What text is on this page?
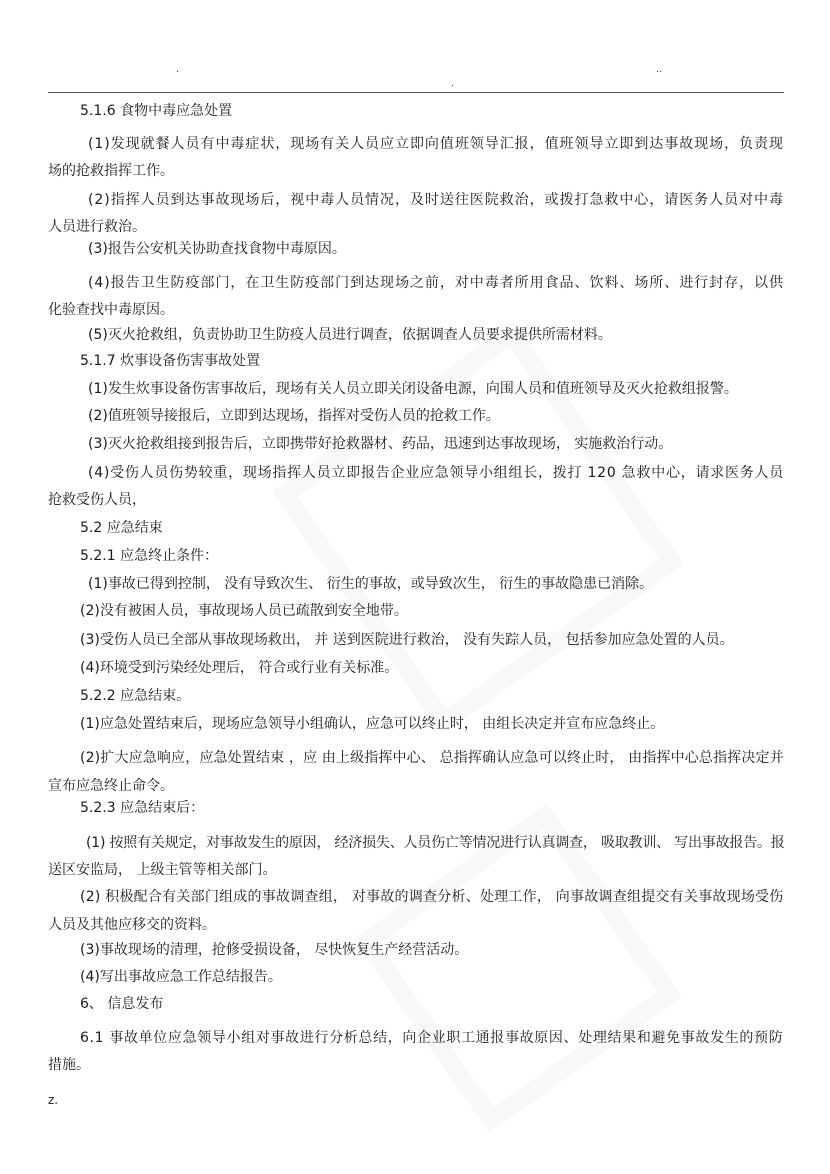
.
.
..
5.1.6 食物中毒应急处置
(1)发现就餐人员有中毒症状，现场有关人员应立即向值班领导汇报，值班领导立即到达事故现场，负责现
场的抢救指挥工作。
(2)指挥人员到达事故现场后，视中毒人员情况，及时送往医院救治，或拨打急救中心，请医务人员对中毒
人员进行救治。
(3)报告公安机关协助查找食物中毒原因。
(4)报告卫生防疫部门，在卫生防疫部门到达现场之前，对中毒者所用食品、饮料、场所、进行封存，以供
化验查找中毒原因。
(5)灭火抢救组，负责协助卫生防疫人员进行调查，依据调查人员要求提供所需材料。
5.1.7 炊事设备伤害事故处置
(1)发生炊事设备伤害事故后，现场有关人员立即关闭设备电源，向围人员和值班领导及灭火抢救组报警。
(2)值班领导接报后，立即到达现场，指挥对受伤人员的抢救工作。
(3)灭火抢救组接到报告后，立即携带好抢救器材、药品，迅速到达事故现场， 实施救治行动。
(4)受伤人员伤势较重，现场指挥人员立即报告企业应急领导小组组长，拨打 120 急救中心，请求医务人员
抢救受伤人员，
5.2 应急结束
5.2.1 应急终止条件：
(1)事故已得到控制， 没有导致次生、 衍生的事故，或导致次生， 衍生的事故隐患已消除。
(2)没有被困人员，事故现场人员已疏散到安全地带。
(3)受伤人员已全部从事故现场救出， 并 送到医院进行救治， 没有失踪人员， 包括参加应急处置的人员。
(4)环境受到污染经处理后， 符合或行业有关标准。
5.2.2 应急结束。
(1)应急处置结束后，现场应急领导小组确认，应急可以终止时， 由组长决定并宣布应急终止。
(2)扩大应急响应，应急处置结束 ，应 由上级指挥中心、 总指挥确认应急可以终止时， 由指挥中心总指挥决定并
宣布应急终止命令。
5.2.3 应急结束后：
(1) 按照有关规定，对事故发生的原因， 经济损失、人员伤亡等情况进行认真调查， 吸取教训、 写出事故报告。报
送区安监局， 上级主管等相关部门。
(2) 积极配合有关部门组成的事故调查组， 对事故的调查分析、处理工作， 向事故调查组提交有关事故现场受伤
人员及其他应移交的资料。
(3)事故现场的清理，抢修受损设备， 尽快恢复生产经营活动。
(4)写出事故应急工作总结报告。
6、 信息发布
6.1 事故单位应急领导小组对事故进行分析总结，向企业职工通报事故原因、处理结果和避免事故发生的预防
措施。
z.
